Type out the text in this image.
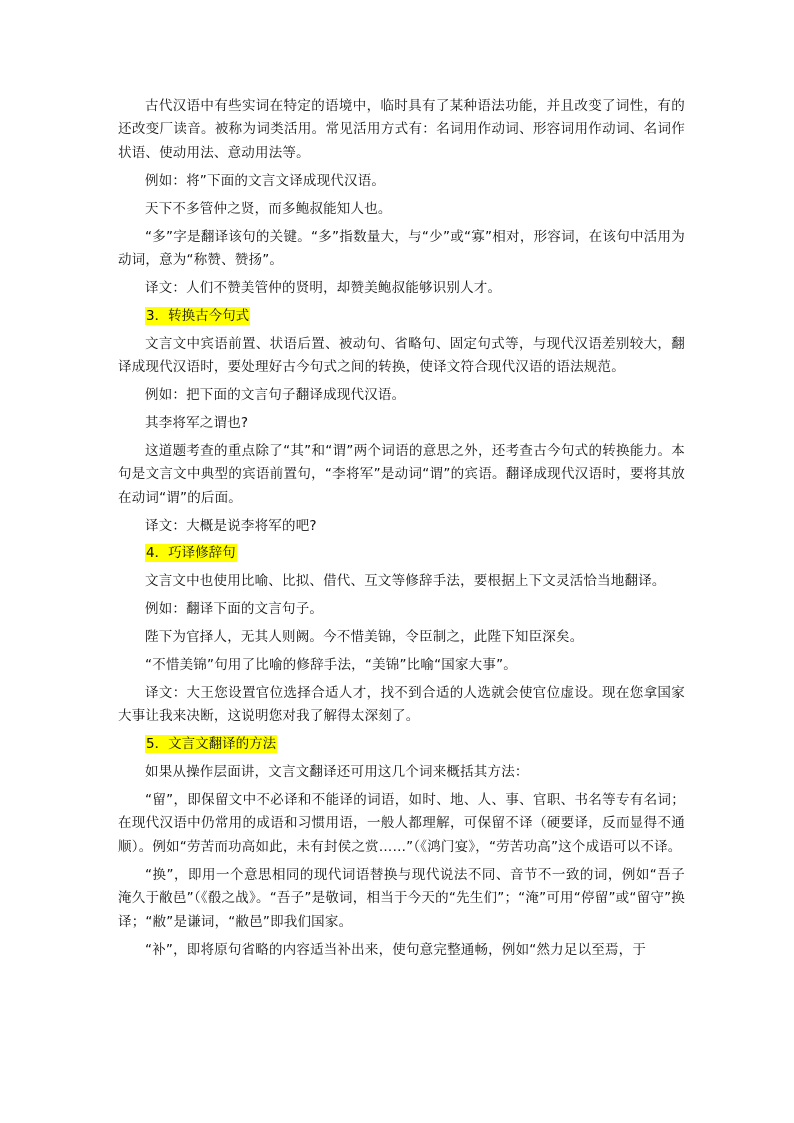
古代汉语中有些实词在特定的语境中，临时具有了某种语法功能，并且改变了词性，有的还改变厂读音。被称为词类活用。常见活用方式有：名词用作动词、形容词用作动词、名词作状语、使动用法、意动用法等。

例如：将”下面的文言文译成现代汉语。

天下不多管仲之贤，而多鲍叔能知人也。

“多”字是翻译该句的关键。“多”指数量大，与“少”或“寡”相对，形容词，在该句中活用为动词，意为“称赞、赞扬”。

译文：人们不赞美管仲的贤明，却赞美鲍叔能够识别人才。

3．转换古今句式

文言文中宾语前置、状语后置、被动句、省略句、固定句式等，与现代汉语差别较大，翻译成现代汉语时，要处理好古今句式之间的转换，使译文符合现代汉语的语法规范。

例如：把下面的文言句子翻译成现代汉语。

其李将军之谓也?

这道题考查的重点除了“其”和“谓”两个词语的意思之外，还考查古今句式的转换能力。本句是文言文中典型的宾语前置句，“李将军”是动词“谓”的宾语。翻译成现代汉语时，要将其放在动词“谓”的后面。

译文：大概是说李将军的吧?

4．巧译修辞句

文言文中也使用比喻、比拟、借代、互文等修辞手法，要根据上下文灵活恰当地翻译。

例如：翻译下面的文言句子。

陛下为官择人，无其人则阙。今不惜美锦，令臣制之，此陛下知臣深矣。

“不惜美锦”句用了比喻的修辞手法，“美锦”比喻“国家大事”。

译文：大王您设置官位选择合适人才，找不到合适的人选就会使官位虚设。现在您拿国家大事让我来决断，这说明您对我了解得太深刻了。

5．文言文翻译的方法

如果从操作层面讲，文言文翻译还可用这几个词来概括其方法：

“留”，即保留文中不必译和不能译的词语，如时、地、人、事、官职、书名等专有名词；在现代汉语中仍常用的成语和习惯用语，一般人都理解，可保留不译（硬要译，反而显得不通顺）。例如“劳苦而功高如此，未有封侯之赏……”（《鸿门宴》，“劳苦功高”这个成语可以不译。

“换”，即用一个意思相同的现代词语替换与现代说法不同、音节不一致的词，例如“吾子淹久于敝邑”（《殽之战》。“吾子”是敬词，相当于今天的“先生们”；“淹”可用“停留”或“留守”换译；“敝”是谦词，“敝邑”即我们国家。

“补”，即将原句省略的内容适当补出来，使句意完整通畅，例如“然力足以至焉，于
